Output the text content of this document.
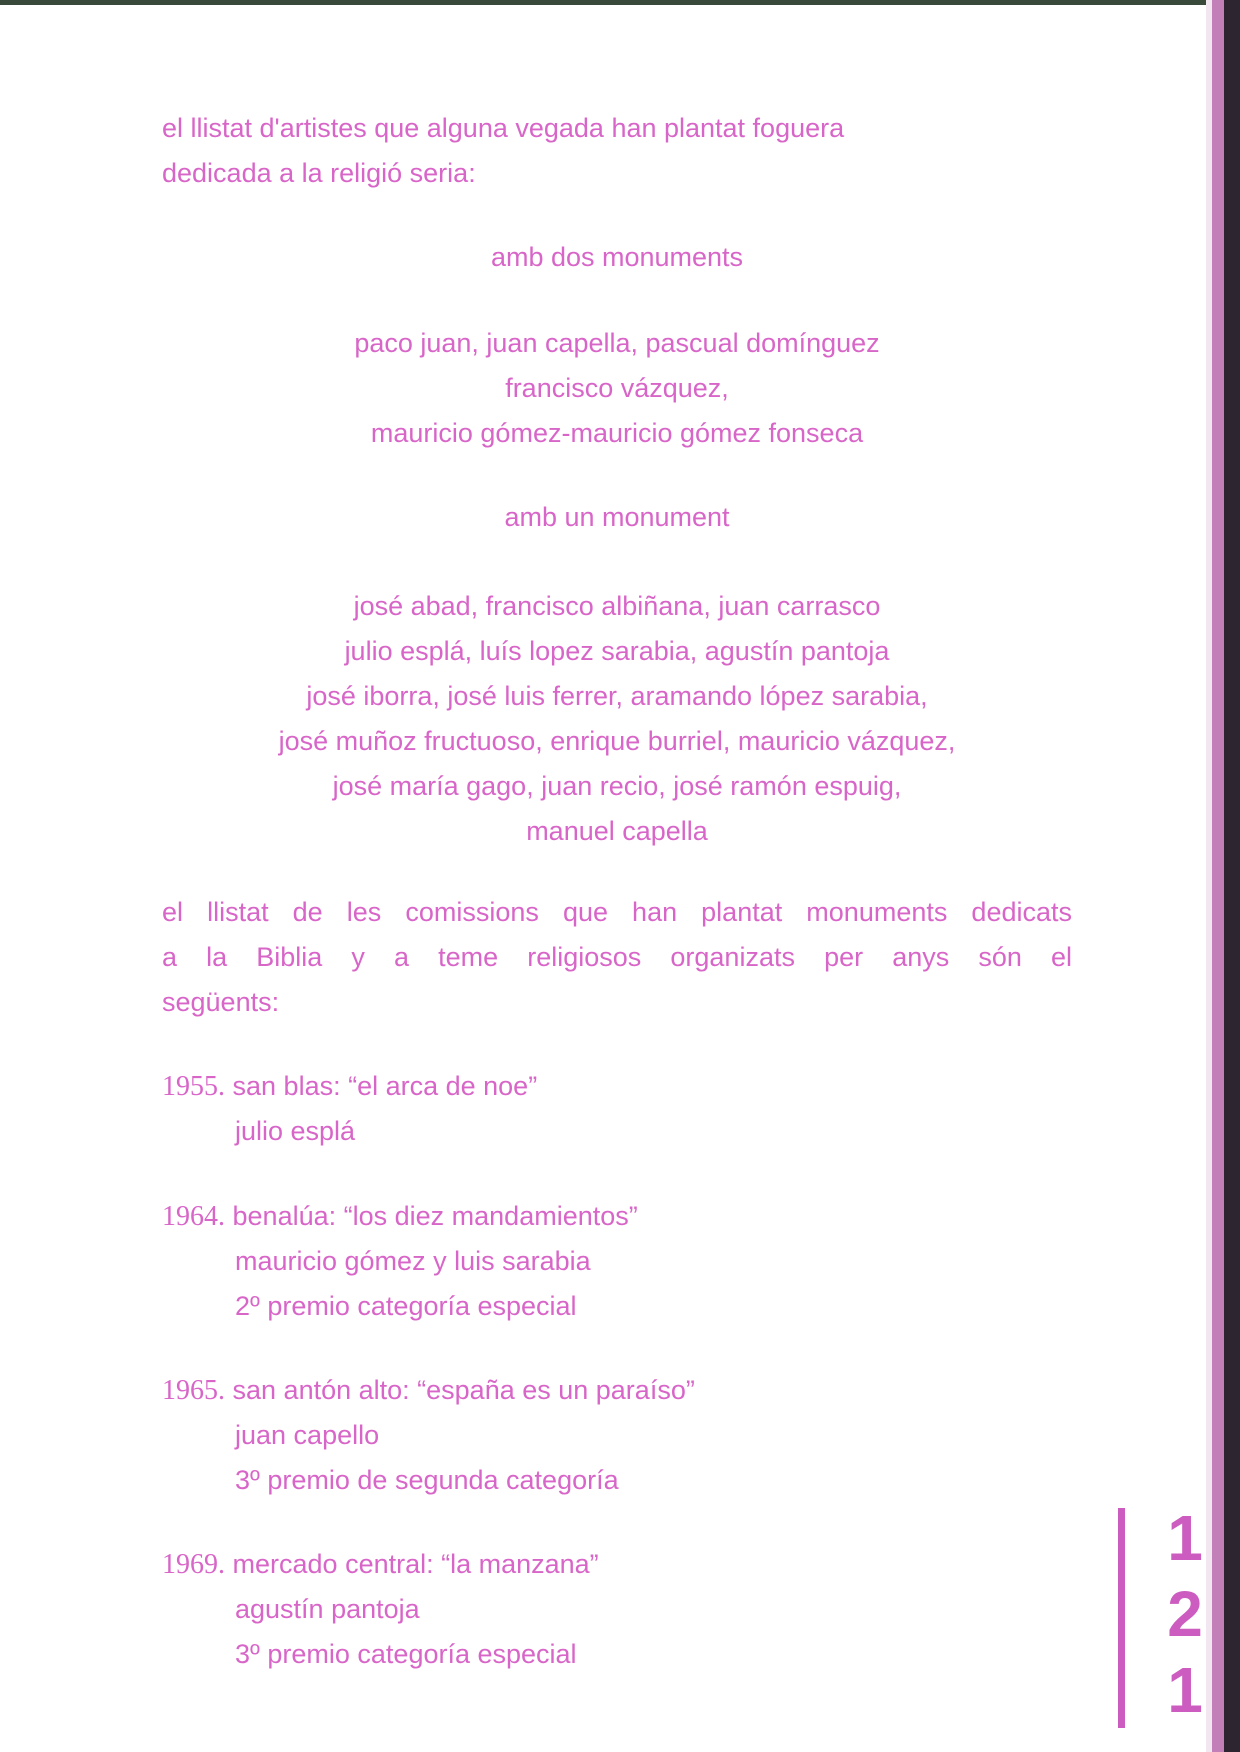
el llistat d'artistes que alguna vegada han plantat foguera
dedicada a la religió seria:
amb dos monuments
paco juan, juan capella, pascual domínguez
francisco vázquez,
mauricio gómez-mauricio gómez fonseca
amb un monument
josé abad, francisco albiñana, juan carrasco
julio esplá, luís lopez sarabia, agustín pantoja
josé iborra, josé luis ferrer, aramando lópez sarabia,
josé muñoz fructuoso, enrique burriel, mauricio vázquez,
josé maría gago, juan recio, josé ramón espuig,
manuel capella
el llistat de les comissions que han plantat monuments dedicats
a la Biblia y a teme religiosos organizats per anys són el
següents:
1955. san blas: “el arca de noe”
julio esplá
1964. benalúa: “los diez mandamientos”
mauricio gómez y luis sarabia
2º premio categoría especial
1965. san antón alto: “españa es un paraíso”
juan capello
3º premio de segunda categoría
1969. mercado central: “la manzana”
agustín pantoja
3º premio categoría especial
1
2
1
